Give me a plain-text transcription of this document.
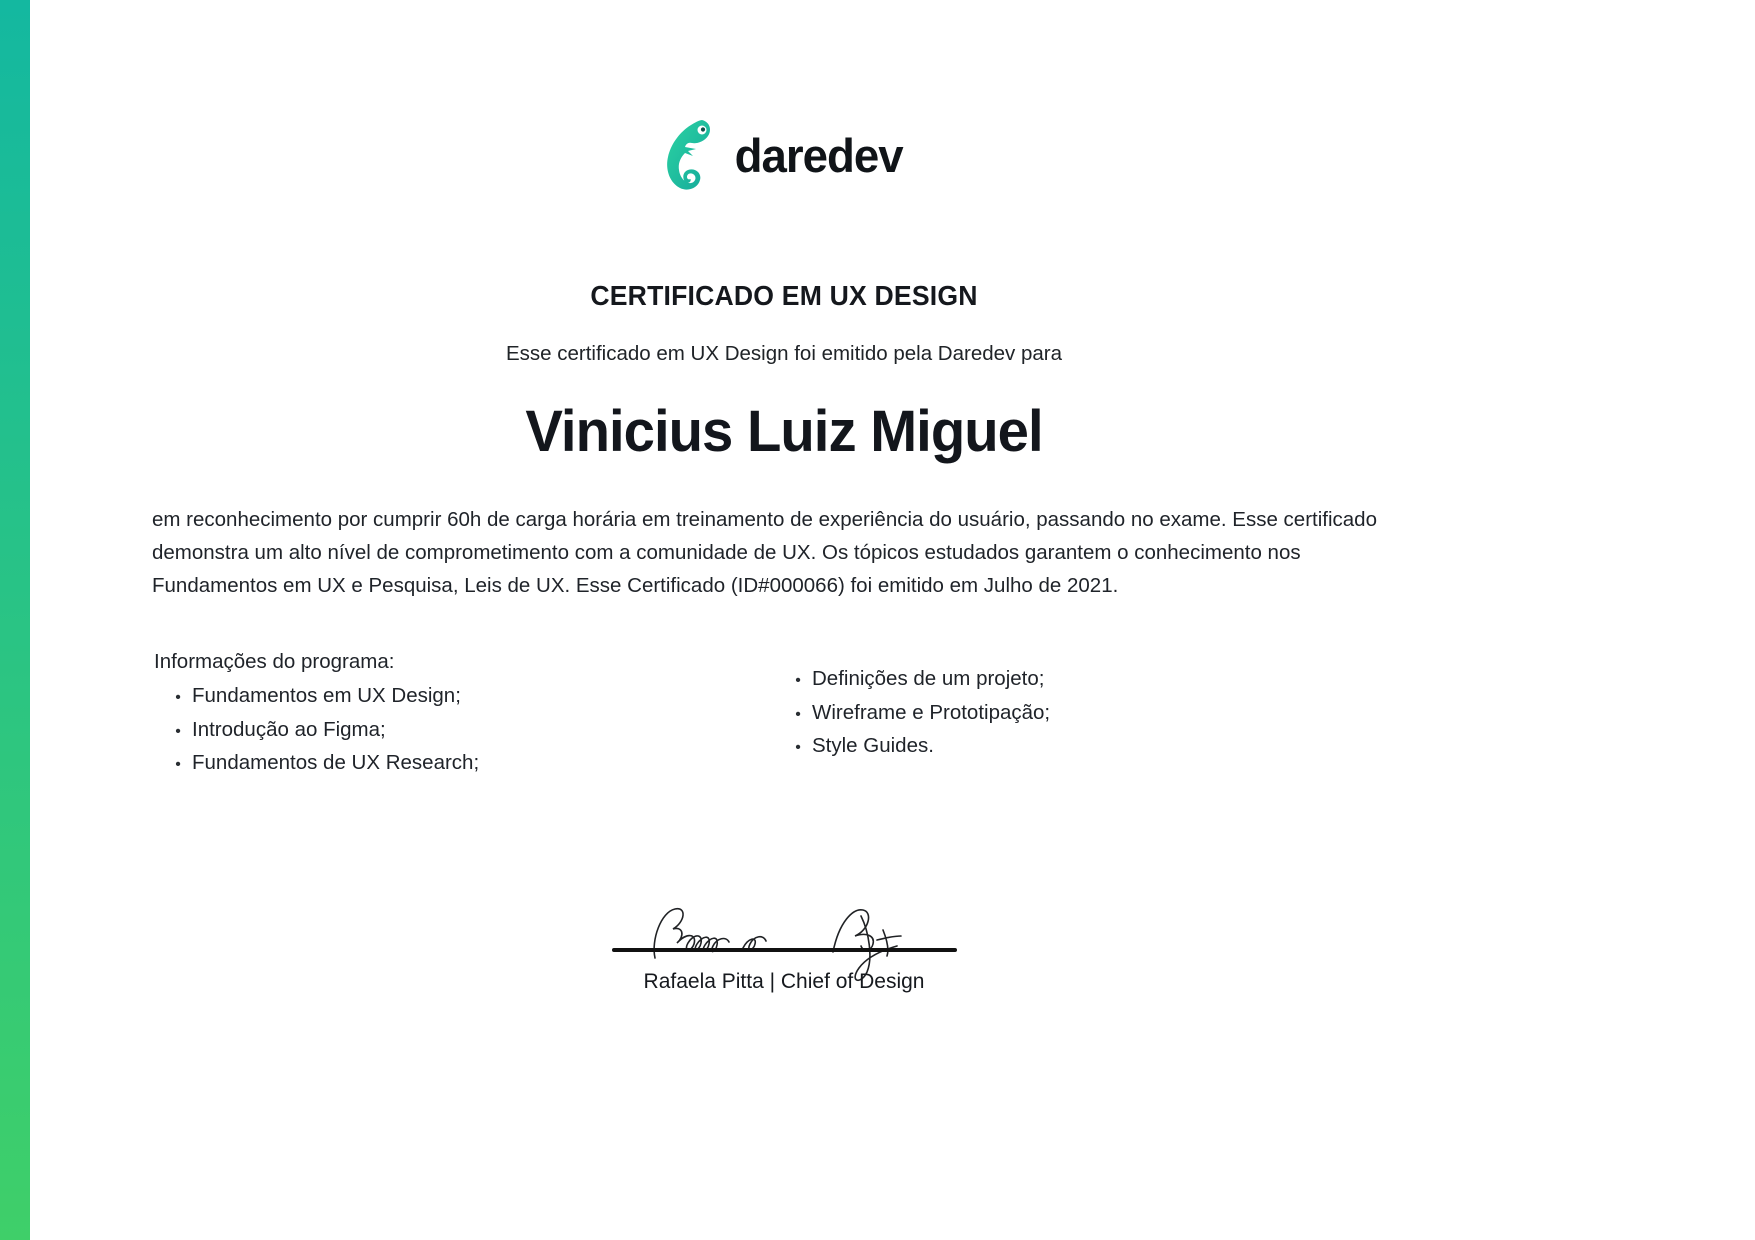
daredev
CERTIFICADO EM UX DESIGN
Esse certificado em UX Design foi emitido pela Daredev para
Vinicius Luiz Miguel

em reconhecimento por cumprir 60h de carga horária em treinamento de experiência do usuário, passando no exame. Esse certificado demonstra um alto nível de comprometimento com a comunidade de UX. Os tópicos estudados garantem o conhecimento nos Fundamentos em UX e Pesquisa, Leis de UX. Esse Certificado (ID#000066) foi emitido em Julho de 2021.

Informações do programa:
• Fundamentos em UX Design;
• Introdução ao Figma;
• Fundamentos de UX Research;
• Definições de um projeto;
• Wireframe e Prototipação;
• Style Guides.
Rafaela Pitta | Chief of Design
